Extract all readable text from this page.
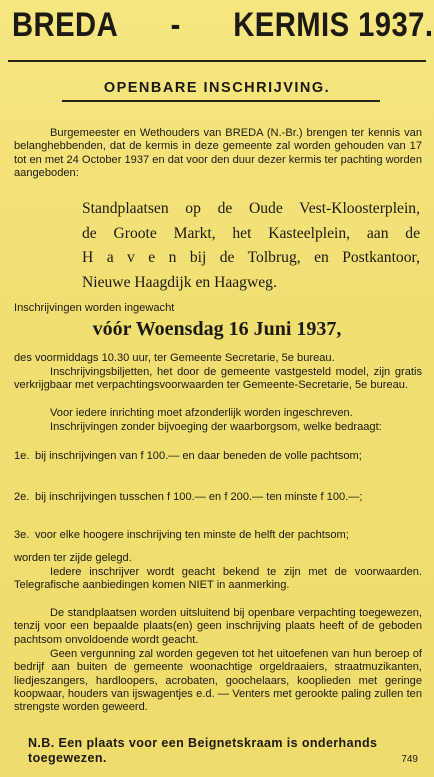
BREDA - KERMIS 1937.
OPENBARE INSCHRIJVING.
Burgemeester en Wethouders van BREDA (N.-Br.) brengen ter kennis van belanghebbenden, dat de kermis in deze gemeente zal worden gehouden van 17 tot en met 24 October 1937 en dat voor den duur dezer kermis ter pachting worden aangeboden:
Standplaatsen op de Oude Vest-Kloosterplein,
de Groote Markt, het Kasteelplein, aan de
H a v e n bij de Tolbrug, en Postkantoor,
Nieuwe Haagdijk en Haagweg.
Inschrijvingen worden ingewacht
vóór Woensdag 16 Juni 1937,
des voormiddags 10.30 uur, ter Gemeente Secretarie, 5e bureau.
Inschrijvingsbiljetten, het door de gemeente vastgesteld model, zijn gratis verkrijgbaar met verpachtingsvoorwaarden ter Gemeente-Secretarie, 5e bureau.
Voor iedere inrichting moet afzonderlijk worden ingeschreven.
Inschrijvingen zonder bijvoeging der waarborgsom, welke bedraagt:
1e. bij inschrijvingen van f 100.— en daar beneden de volle pachtsom;
2e. bij inschrijvingen tusschen f 100.— en f 200.— ten minste f 100.—;
3e. voor elke hoogere inschrijving ten minste de helft der pachtsom;
worden ter zijde gelegd.
Iedere inschrijver wordt geacht bekend te zijn met de voorwaarden. Telegrafische aanbiedingen komen NIET in aanmerking.
De standplaatsen worden uitsluitend bij openbare verpachting toegewezen, tenzij voor een bepaalde plaats(en) geen inschrijving plaats heeft of de geboden pachtsom onvoldoende wordt geacht.
Geen vergunning zal worden gegeven tot het uitoefenen van hun beroep of bedrijf aan buiten de gemeente woonachtige orgeldraaiers, straatmuzikanten, liedjeszangers, hardloopers, acrobaten, goochelaars, kooplieden met geringe koopwaar, houders van ijswagentjes e.d. — Venters met gerookte paling zullen ten strengste worden geweerd.
N.B. Een plaats voor een Beignetskraam is onderhands toegewezen.	749
